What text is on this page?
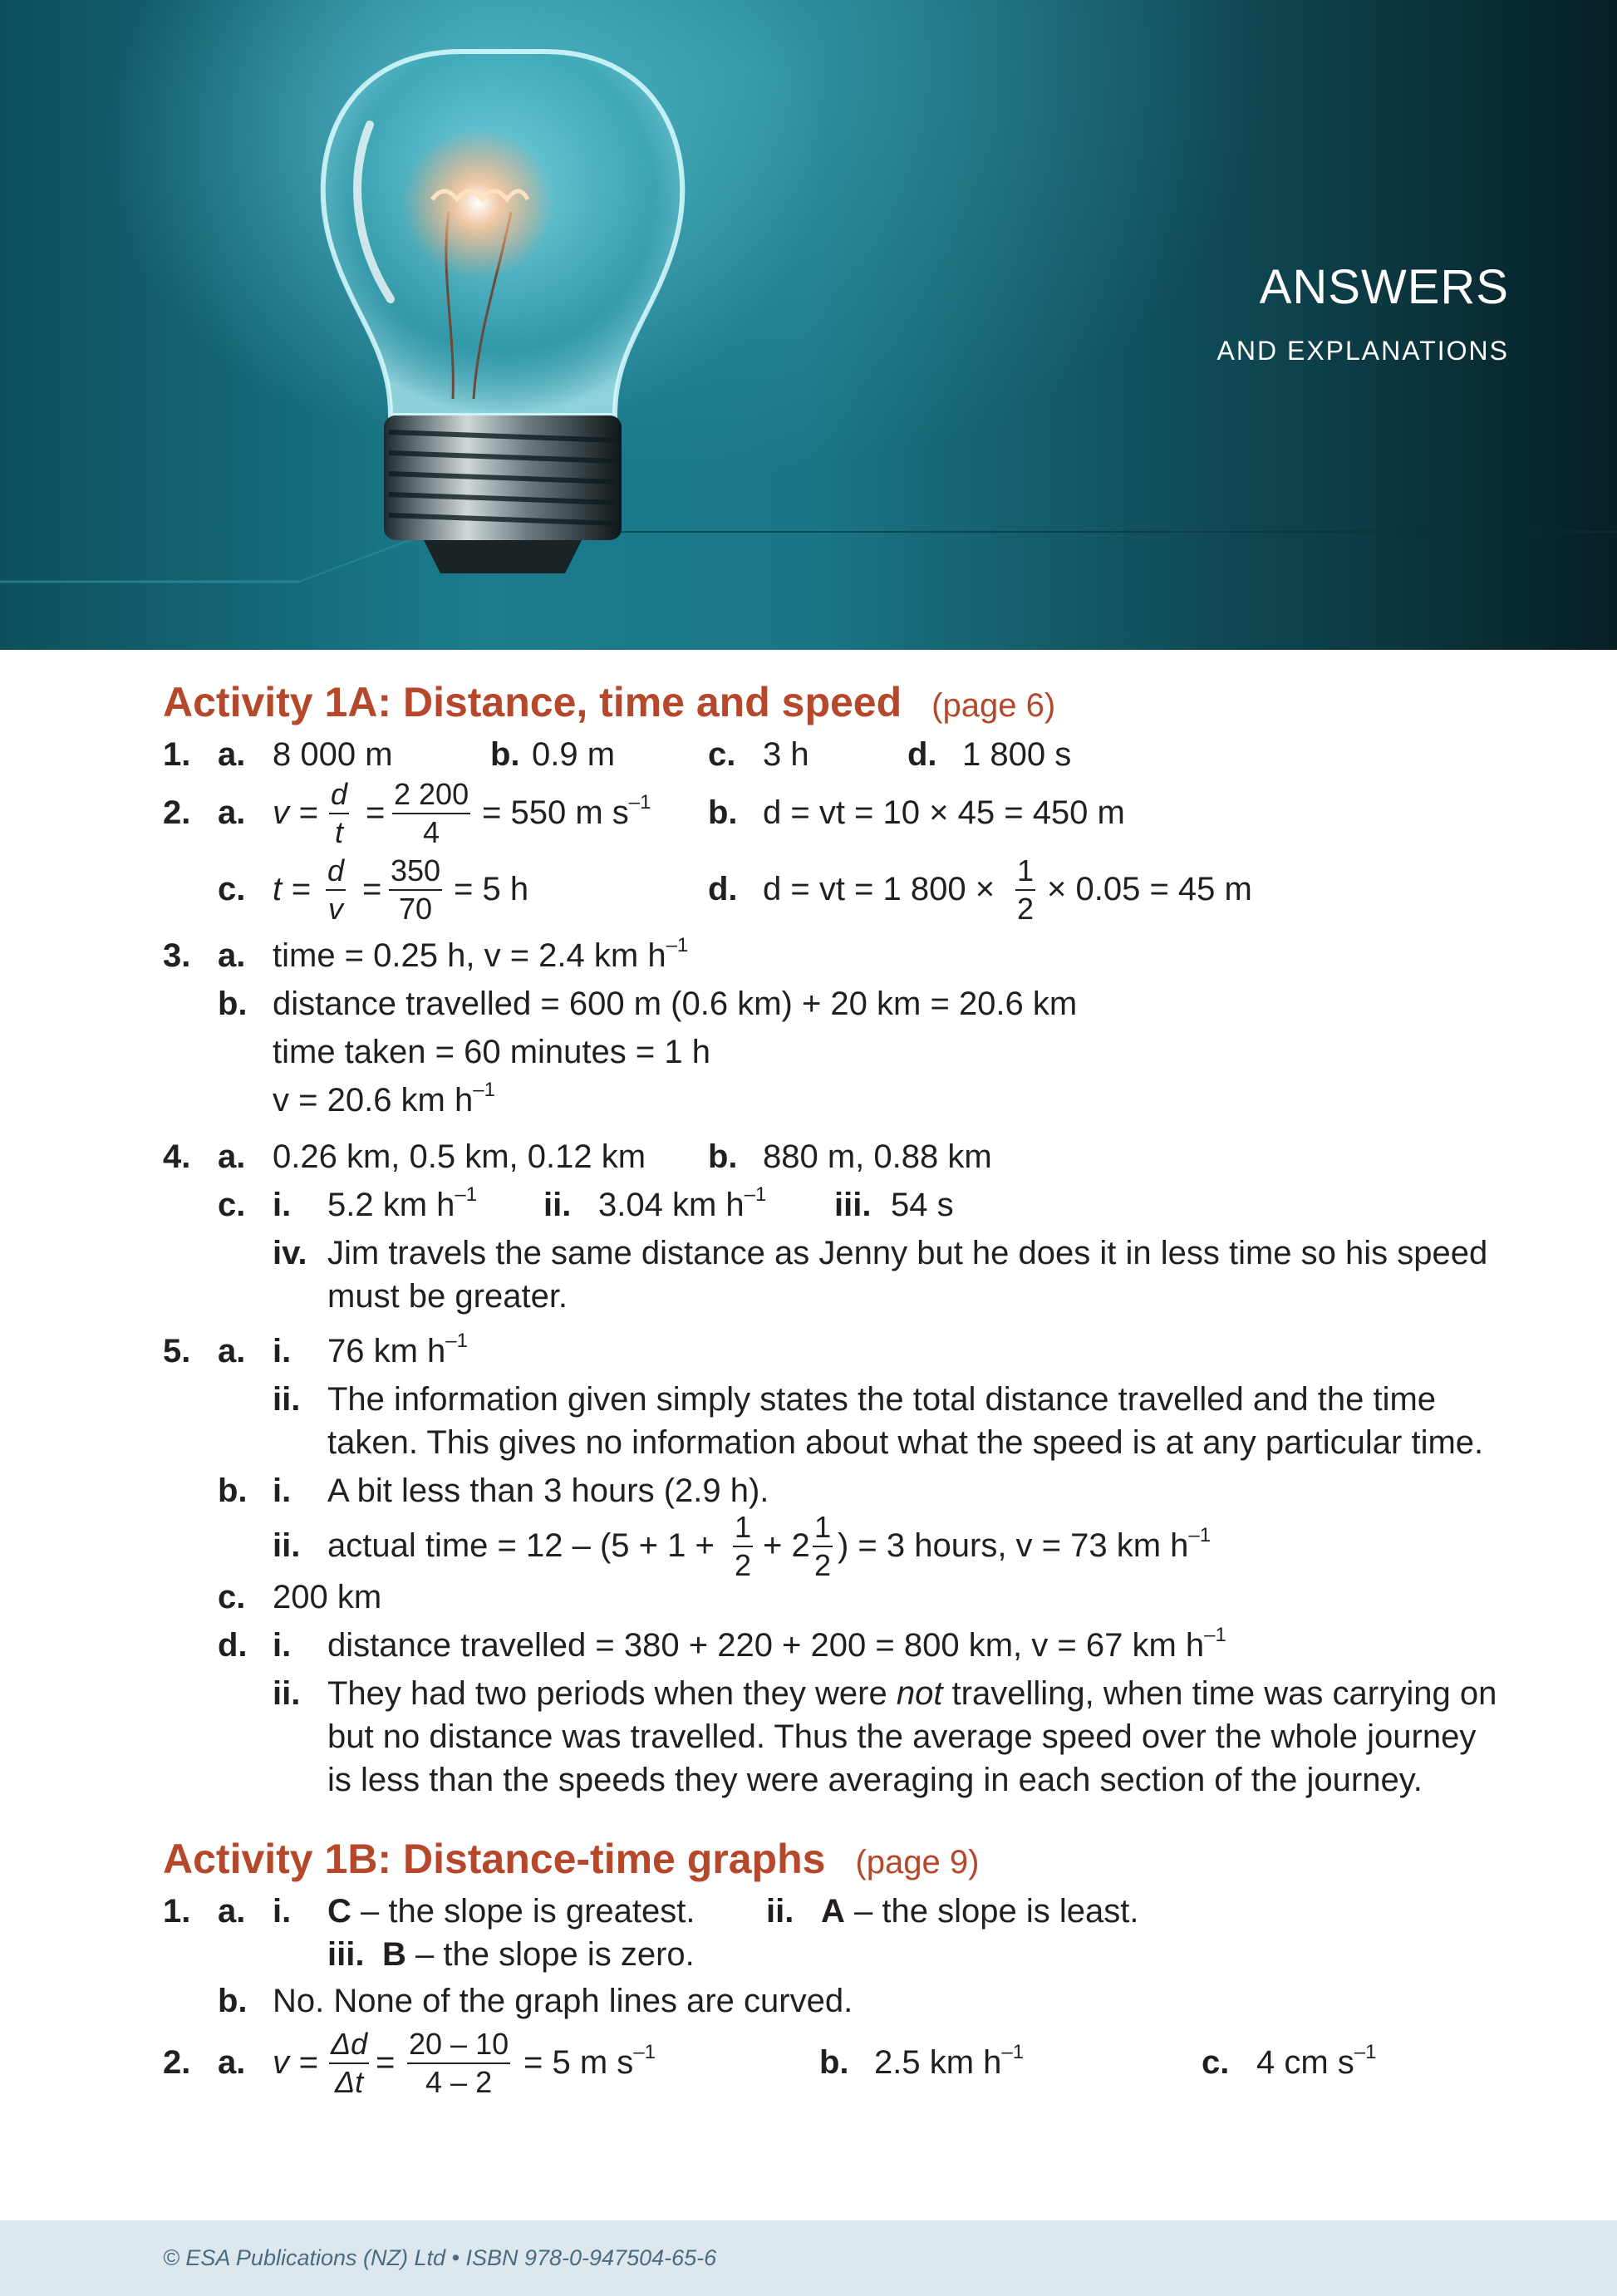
ANSWERS
AND EXPLANATIONS
Activity 1A: Distance, time and speed (page 6)
1. a. 8 000 m	b. 0.9 m	c. 3 h	d. 1 800 s
2. a. $v = \frac{d}{t} = \frac{2 200}{4} = 550$ m $s^{-1}$ b. d = vt = 10 × 45 = 450 m
c. $t = \frac{d}{v} = \frac{350}{70} = 5$ h	d. d = vt = 1 $800 \times \frac{1}{2} \times 0.05 = 45$ m
3. a. time = 0.25 h, v = 2.4 km $h^{-1}$
b. distance travelled = 600 m (0.6 km) + 20 km = 20.6 km
time taken = 60 minutes = 1 h
v = 20.6 km $h^{-1}$
4. a. 0.26 km, 0.5 km, 0.12 km b. 880 m, 0.88 km
c. i. 5.2 km $h^{-1}$ ii. 3.04 km $h^{-1}$ iii. 54 s
iv. Jim travels the same distance as Jenny but he does it in less time so his speed
must be greater.
5. a. i. 76 km $h^{-1}$
ii. The information given simply states the total distance travelled and the time
taken. This gives no information about what the speed is at any particular time.
b. i. A bit less than 3 hours (2.9 h).
ii. actual time = $12 - (5 + 1 + \frac{1}{2} + 2 \frac{1}{2}$ ) = 3 hours, v = 73 km $h^{-1}$
c. 200 km
d. i. distance travelled = 380 + 220 + 200 = 800 km, v = 67 km $h^{-1}$
ii. They had two periods when they were not travelling, when time was carrying on
but no distance was travelled. Thus the average speed over the whole journey
is less than the speeds they were averaging in each section of the journey.
Activity 1B: Distance-time graphs (page 9)
1. a. i. C – the slope is greatest. ii. A – the slope is least.
iii. B – the slope is zero.
b. No. None of the graph lines are curved.
2. a. $v = \frac{\Delta d}{\Delta t} = \frac{20 - 10}{4 - 2} = 5$ m $s^{-1}$	b. 2.5 km $h^{-1}$	c. 4 cm $s^{-1}$
© ESA Publications (NZ) Ltd • ISBN 978-0-947504-65-6
